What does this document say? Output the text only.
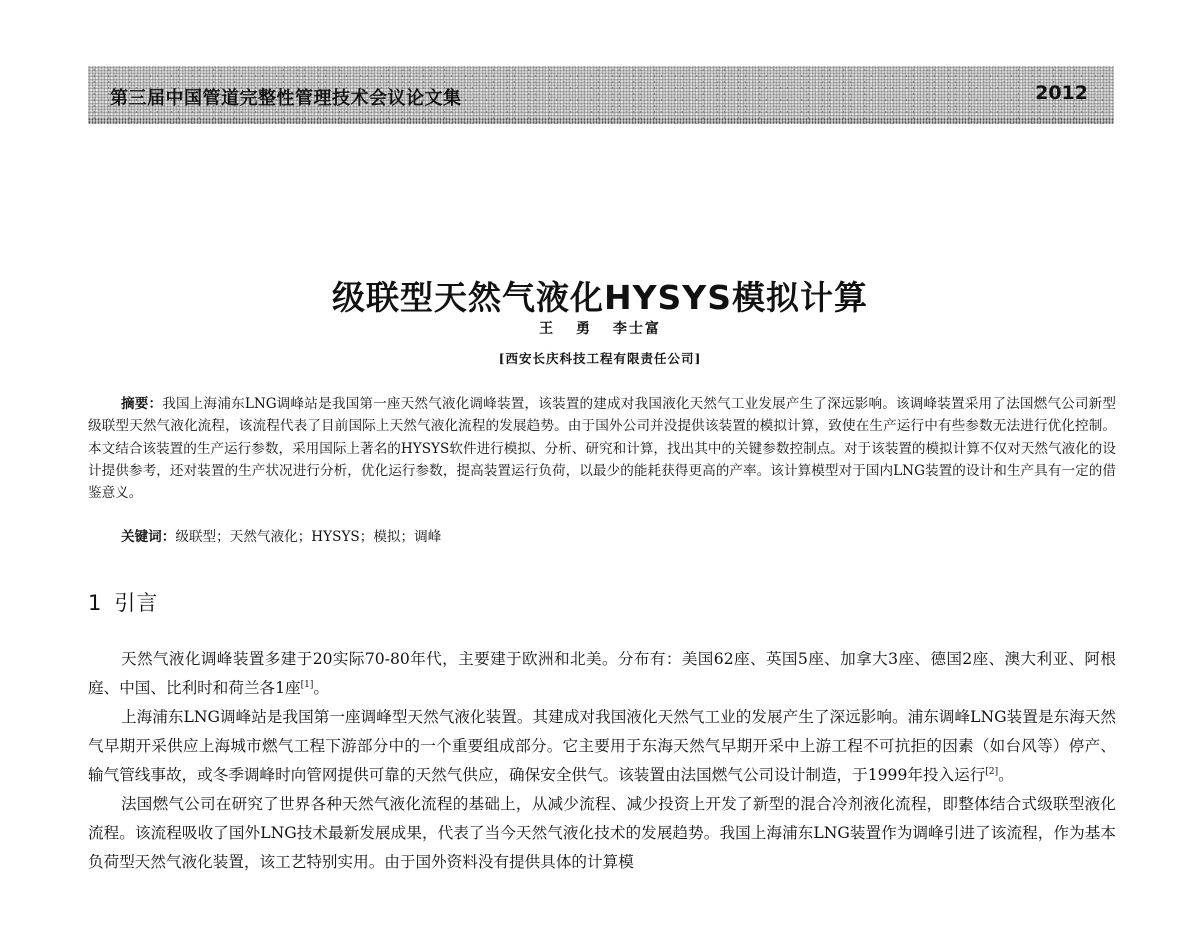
第三届中国管道完整性管理技术会议论文集	2012
级联型天然气液化HYSYS模拟计算
王 勇 李士富
[西安长庆科技工程有限责任公司]

摘要：我国上海浦东LNG调峰站是我国第一座天然气液化调峰装置，该装置的建成对我国液化天然气工业发展产生了深远影响。该调峰装置采用了法国燃气公司新型级联型天然气液化流程，该流程代表了目前国际上天然气液化流程的发展趋势。由于国外公司并没提供该装置的模拟计算，致使在生产运行中有些参数无法进行优化控制。本文结合该装置的生产运行参数，采用国际上著名的HYSYS软件进行模拟、分析、研究和计算，找出其中的关键参数控制点。对于该装置的模拟计算不仅对天然气液化的设计提供参考，还对装置的生产状况进行分析，优化运行参数，提高装置运行负荷，以最少的能耗获得更高的产率。该计算模型对于国内LNG装置的设计和生产具有一定的借鉴意义。

关键词：级联型；天然气液化；HYSYS；模拟；调峰

1 引言

天然气液化调峰装置多建于20实际70-80年代，主要建于欧洲和北美。分布有：美国62座、英国5座、加拿大3座、德国2座、澳大利亚、阿根庭、中国、比利时和荷兰各1座[1]。

上海浦东LNG调峰站是我国第一座调峰型天然气液化装置。其建成对我国液化天然气工业的发展产生了深远影响。浦东调峰LNG装置是东海天然气早期开采供应上海城市燃气工程下游部分中的一个重要组成部分。它主要用于东海天然气早期开采中上游工程不可抗拒的因素（如台风等）停产、输气管线事故，或冬季调峰时向管网提供可靠的天然气供应，确保安全供气。该装置由法国燃气公司设计制造，于1999年投入运行[2]。

法国燃气公司在研究了世界各种天然气液化流程的基础上，从减少流程、减少投资上开发了新型的混合冷剂液化流程，即整体结合式级联型液化流程。该流程吸收了国外LNG技术最新发展成果，代表了当今天然气液化技术的发展趋势。我国上海浦东LNG装置作为调峰引进了该流程，作为基本负荷型天然气液化装置，该工艺特别实用。由于国外资料没有提供具体的计算模
